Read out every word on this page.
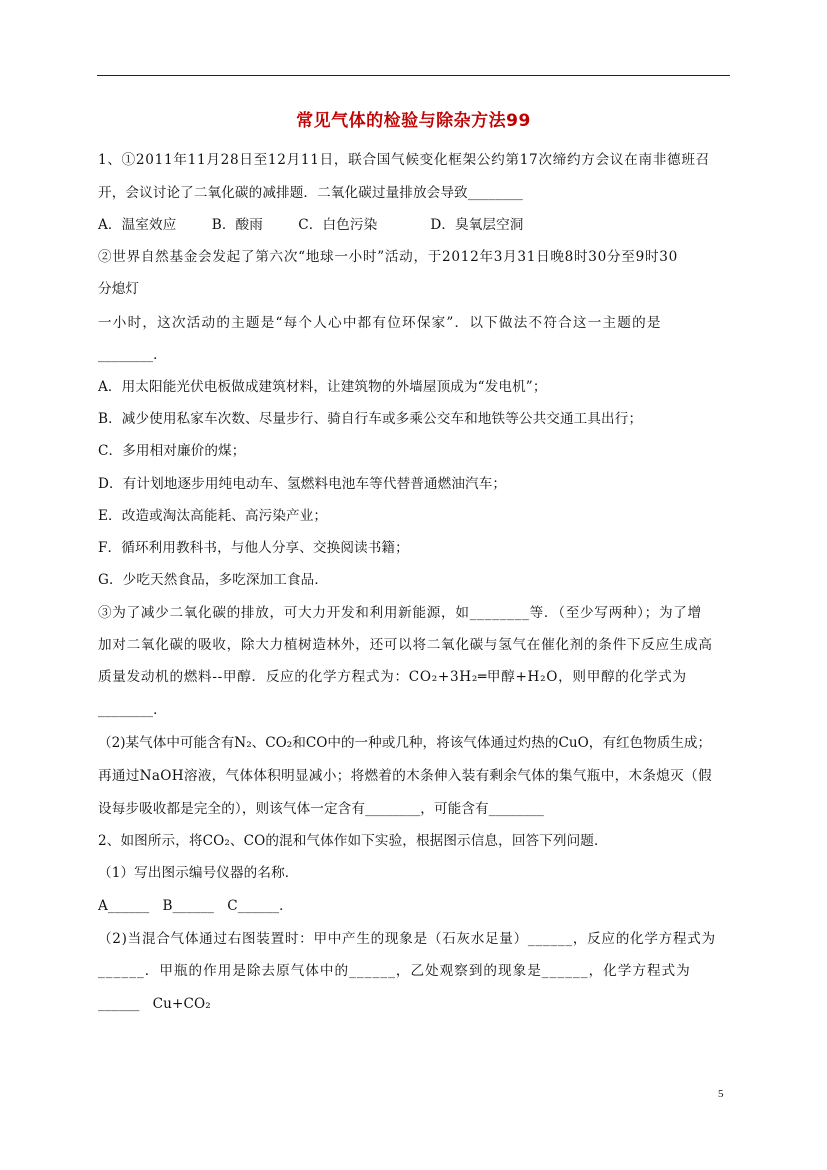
常见气体的检验与除杂方法99
1、①2011年11月28日至12月11日，联合国气候变化框架公约第17次缔约方会议在南非德班召
开，会议讨论了二氧化碳的减排题．二氧化碳过量排放会导致________
A．温室效应        B．酸雨        C．白色污染            D．臭氧层空洞
②世界自然基金会发起了第六次“地球一小时”活动，于2012年3月31日晚8时30分至9时30
分熄灯
一小时，这次活动的主题是“每个人心中都有位环保家”．以下做法不符合这一主题的是
________．
A．用太阳能光伏电板做成建筑材料，让建筑物的外墙屋顶成为“发电机”；
B．减少使用私家车次数、尽量步行、骑自行车或多乘公交车和地铁等公共交通工具出行；
C．多用相对廉价的煤；
D．有计划地逐步用纯电动车、氢燃料电池车等代替普通燃油汽车；
E．改造或淘汰高能耗、高污染产业；
F．循环利用教科书，与他人分享、交换阅读书籍；
G．少吃天然食品，多吃深加工食品．
③为了减少二氧化碳的排放，可大力开发和利用新能源，如________等．（至少写两种）；为了增
加对二氧化碳的吸收，除大力植树造林外，还可以将二氧化碳与氢气在催化剂的条件下反应生成高
质量发动机的燃料--甲醇．反应的化学方程式为：CO₂+3H₂═甲醇+H₂O，则甲醇的化学式为
________．
（2)某气体中可能含有N₂、CO₂和CO中的一种或几种，将该气体通过灼热的CuO，有红色物质生成；
再通过NaOH溶液，气体体积明显减小；将燃着的木条伸入装有剩余气体的集气瓶中，木条熄灭（假
设每步吸收都是完全的），则该气体一定含有________，可能含有________
2、如图所示，将CO₂、CO的混和气体作如下实验，根据图示信息，回答下列问题．
（1）写出图示编号仪器的名称．
A______   B______   C______．
（2)当混合气体通过右图装置时：甲中产生的现象是（石灰水足量）______，反应的化学方程式为
______．甲瓶的作用是除去原气体中的______，乙处观察到的现象是______，化学方程式为
______   Cu+CO₂
5
